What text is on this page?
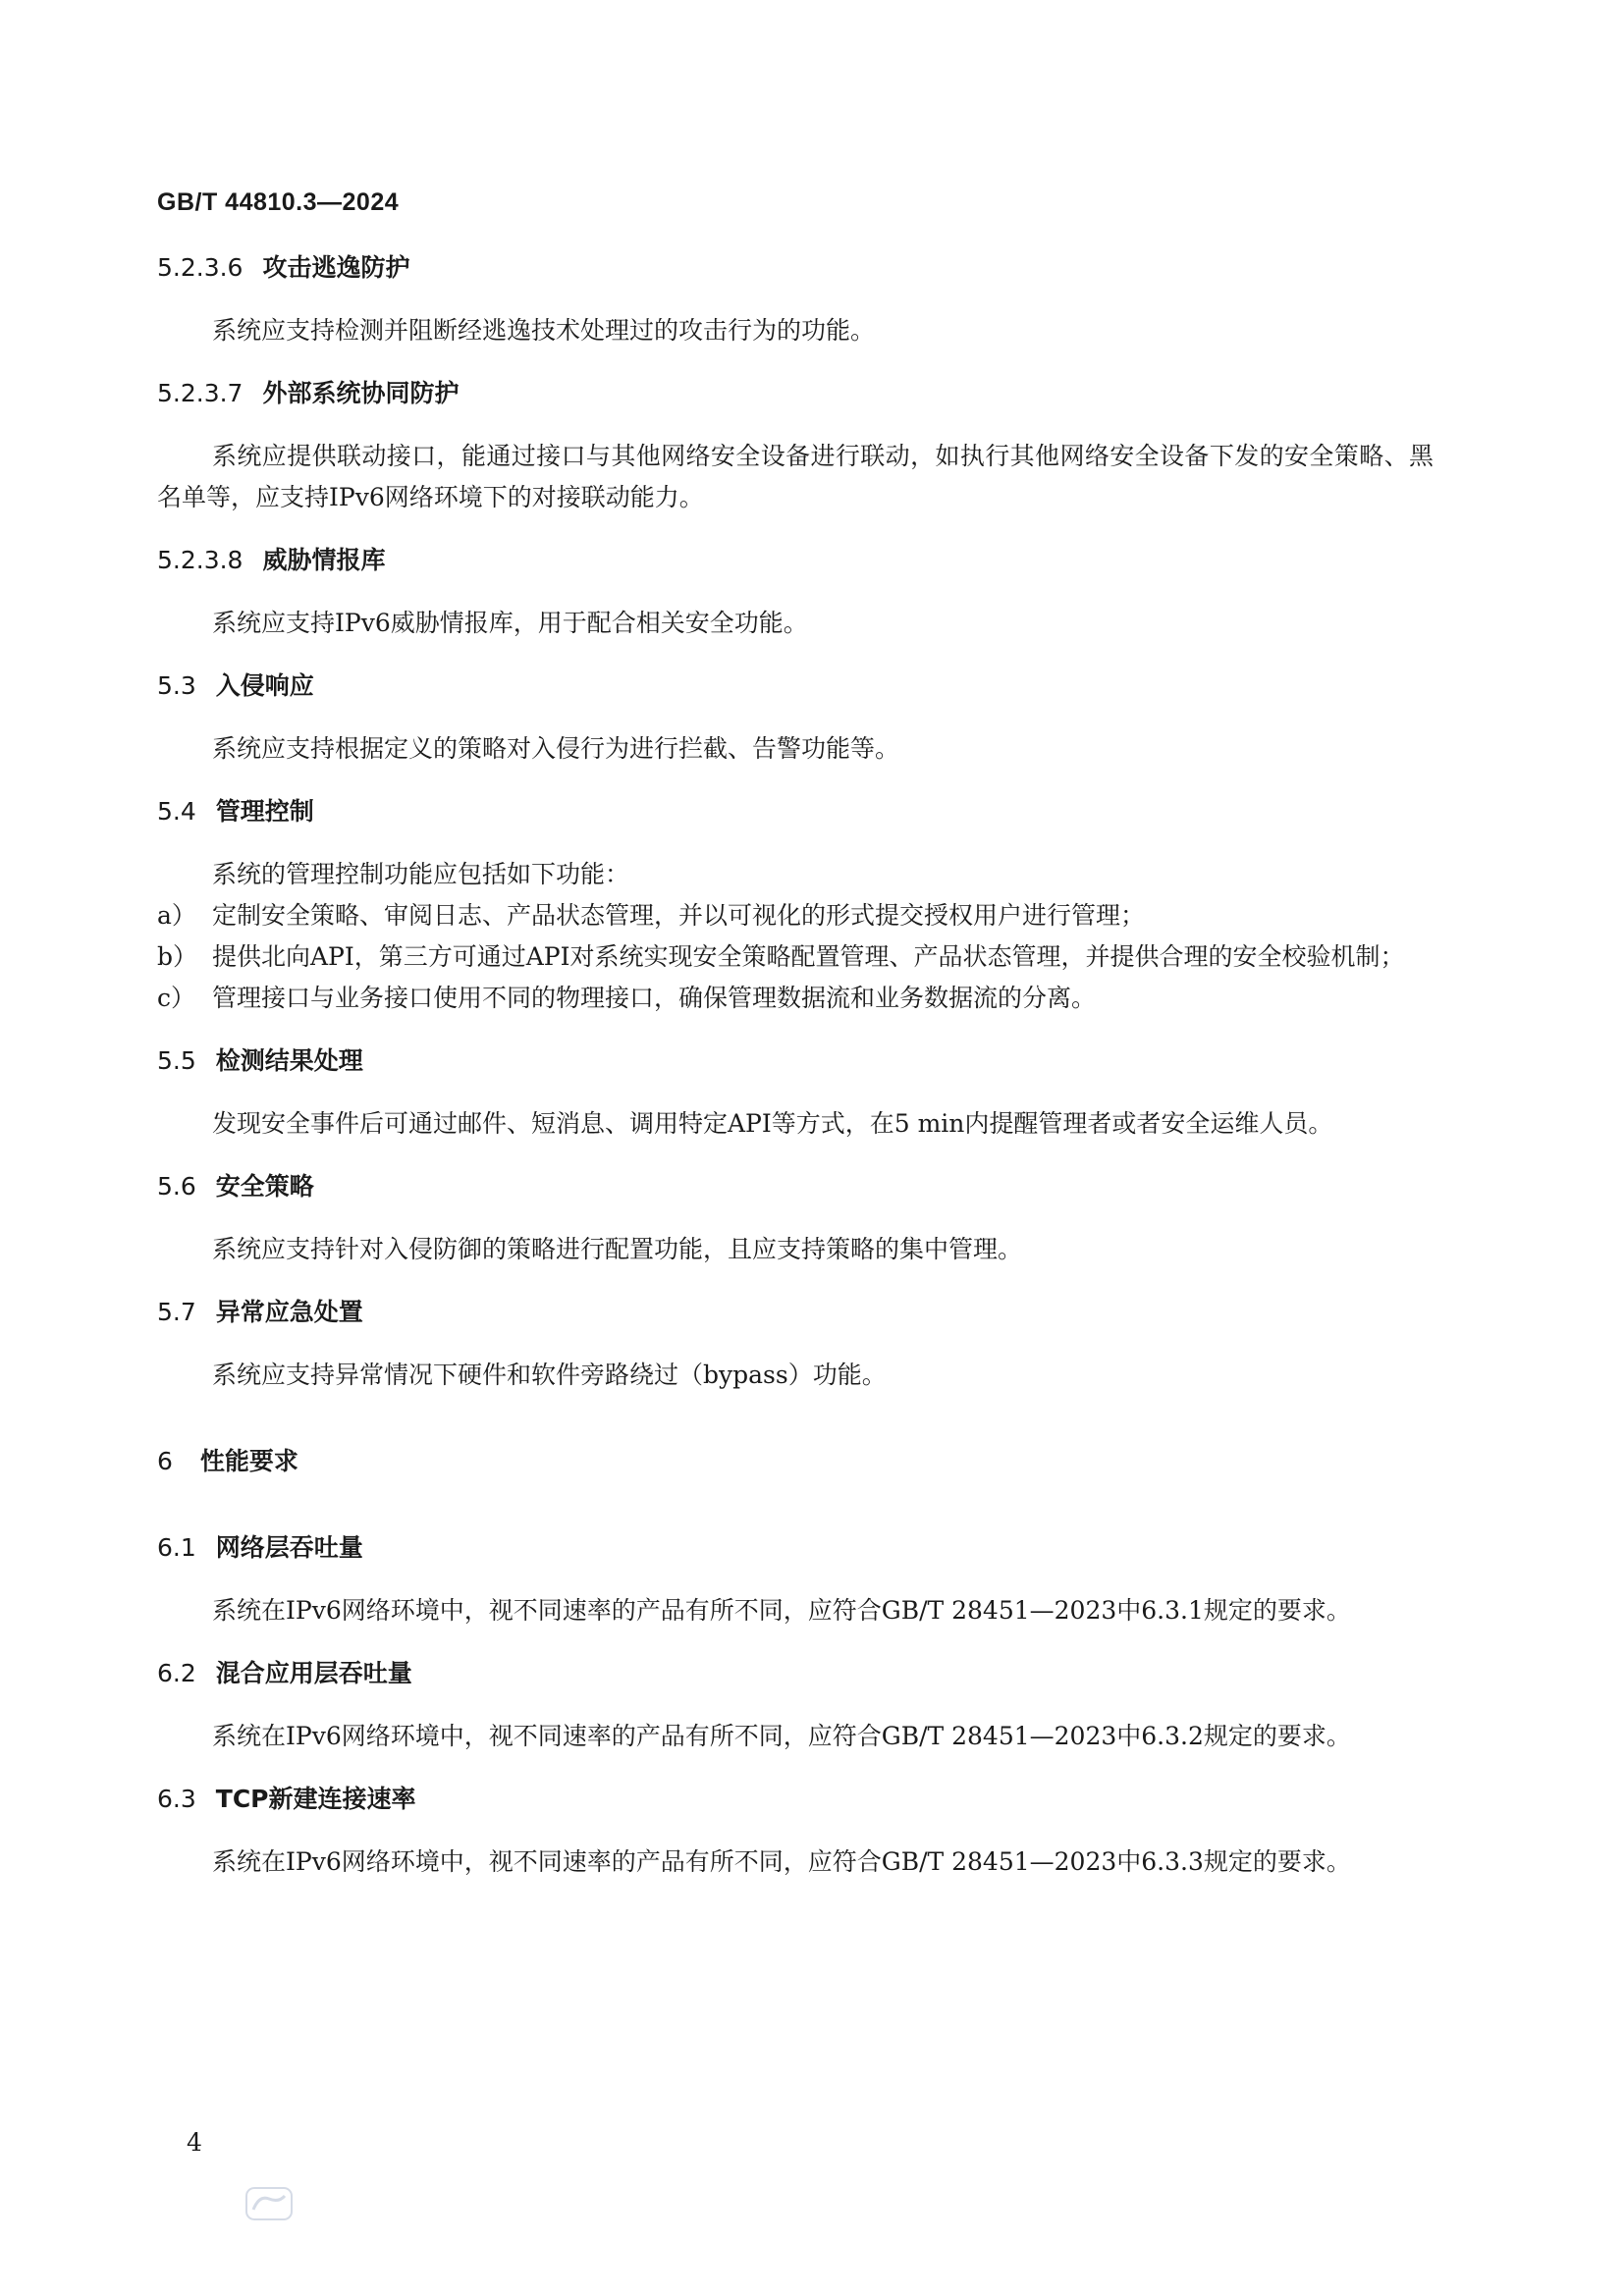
GB/T 44810.3—2024
5.2.3.6 攻击逃逸防护
系统应支持检测并阻断经逃逸技术处理过的攻击行为的功能。
5.2.3.7 外部系统协同防护
系统应提供联动接口，能通过接口与其他网络安全设备进行联动，如执行其他网络安全设备下发的安全策略、黑名单等，应支持IPv6网络环境下的对接联动能力。
5.2.3.8 威胁情报库
系统应支持IPv6威胁情报库，用于配合相关安全功能。
5.3 入侵响应
系统应支持根据定义的策略对入侵行为进行拦截、告警功能等。
5.4 管理控制
系统的管理控制功能应包括如下功能：
a） 定制安全策略、审阅日志、产品状态管理，并以可视化的形式提交授权用户进行管理；
b） 提供北向API，第三方可通过API对系统实现安全策略配置管理、产品状态管理，并提供合理的安全校验机制；
c） 管理接口与业务接口使用不同的物理接口，确保管理数据流和业务数据流的分离。
5.5 检测结果处理
发现安全事件后可通过邮件、短消息、调用特定API等方式，在5 min内提醒管理者或者安全运维人员。
5.6 安全策略
系统应支持针对入侵防御的策略进行配置功能，且应支持策略的集中管理。
5.7 异常应急处置
系统应支持异常情况下硬件和软件旁路绕过（bypass）功能。
6 性能要求
6.1 网络层吞吐量
系统在IPv6网络环境中，视不同速率的产品有所不同，应符合GB/T 28451—2023中6.3.1规定的要求。
6.2 混合应用层吞吐量
系统在IPv6网络环境中，视不同速率的产品有所不同，应符合GB/T 28451—2023中6.3.2规定的要求。
6.3 TCP新建连接速率
系统在IPv6网络环境中，视不同速率的产品有所不同，应符合GB/T 28451—2023中6.3.3规定的要求。
4
